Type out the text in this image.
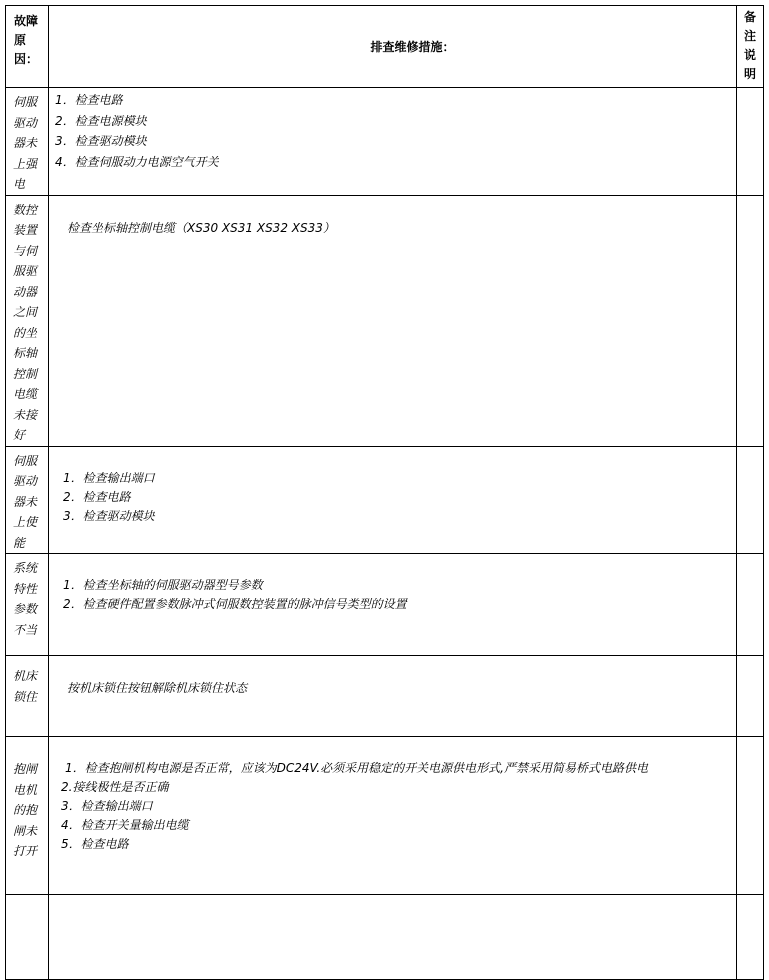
故障原因：	排查维修措施：	备注说明

伺服驱动器未上强电	1．检查电路
2．检查电源模块
3．检查驱动模块
4．检查伺服动力电源空气开关	

数控装置与伺服驱动器之间的坐标轴控制电缆未接好	检查坐标轴控制电缆（XS30 XS31 XS32 XS33）	

伺服驱动器未上使能	1．检查输出端口
2．检查电路
3．检查驱动模块	

系统特性参数不当	1．检查坐标轴的伺服驱动器型号参数
2．检查硬件配置参数脉冲式伺服数控装置的脉冲信号类型的设置	

机床锁住	按机床锁住按钮解除机床锁住状态	

抱闸电机的抱闸未打开	1．检查抱闸机构电源是否正常，应该为DC24V.必须采用稳定的开关电源供电形式,严禁采用简易桥式电路供电
2.接线极性是否正确
3．检查输出端口
4．检查开关量输出电缆
5．检查电路	
